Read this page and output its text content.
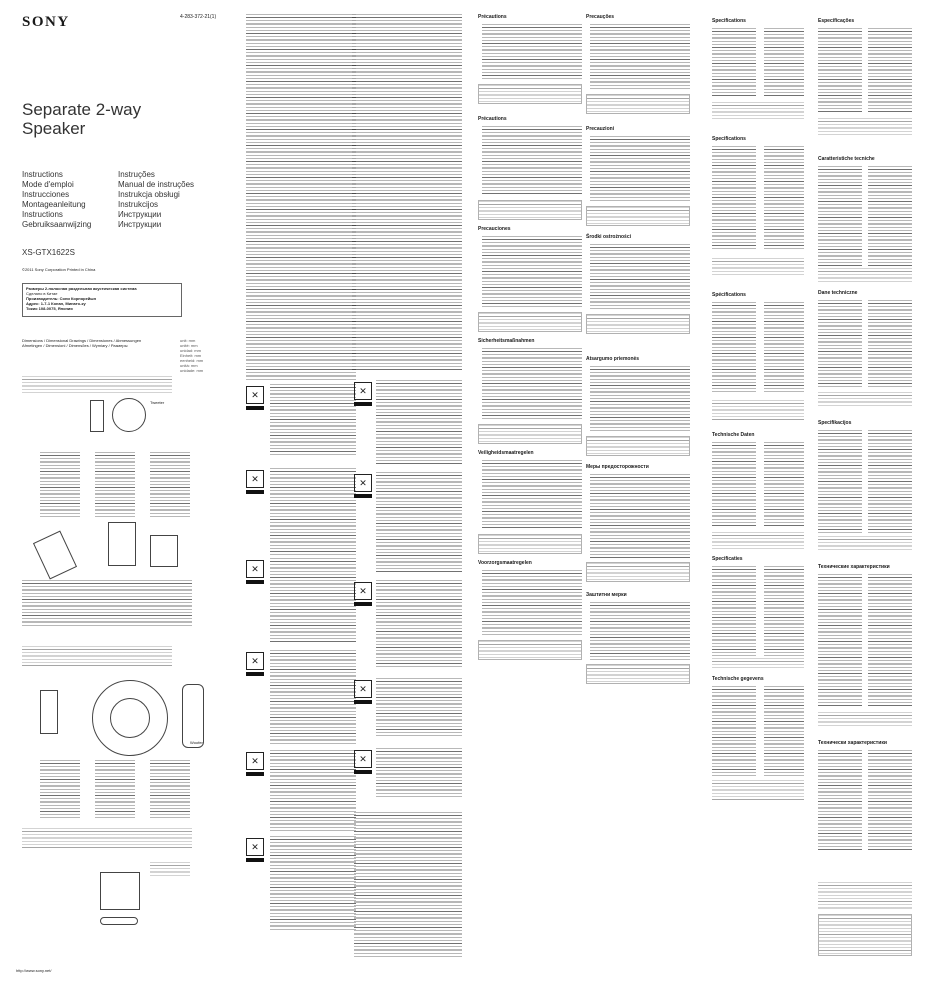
SONY	4-283-372-21(1)
Separate 2-way
Speaker
Instructions	Instruções
Mode d'emploi	Manual de instruções
Instrucciones	Instrukcja obsługi
Montageanleitung	Instrukcijos
Instructions	Инструкции
Gebruiksaanwijzing	Инструкции
XS-GTX1622S
©2011 Sony Corporation Printed in China
Размеры 2-полосная раздельная акустическая система
Сделано в Китае
Производитель: Сони Корпорейшн
Адрес: 1-7-1 Конан, Минато-ку
Токио 108-0075, Япония
Dimensions / Dimensional Drawings / Dimensiones / Abmessungen
Afmetingen / Dimensioni / Dimensões / Wymiary / Размеры
unit: mm
unité: mm
unidad: mm
Einheit: mm
eenheid: mm
unità: mm
unidade: mm
Tweeter
Woofer
http://www.sony.net/
✕
✕
✕
✕
✕
✕
✕
✕
✕
✕
✕
Précautions
Précautions
Precauciones
Sicherheitsmaßnahmen
Veiligheidsmaatregelen
Voorzorgsmaatregelen
Precauções
Precauzioni
Środki ostrożności
Atsargumo priemonės
Меры предосторожности
Заштитни мерки
Specifications
Specifications
Spécifications
Technische Daten
Specificaties
Technische gegevens
Especificações
Caratteristiche tecniche
Dane techniczne
Specifikacijos
Технические характеристики
Технически характеристики
